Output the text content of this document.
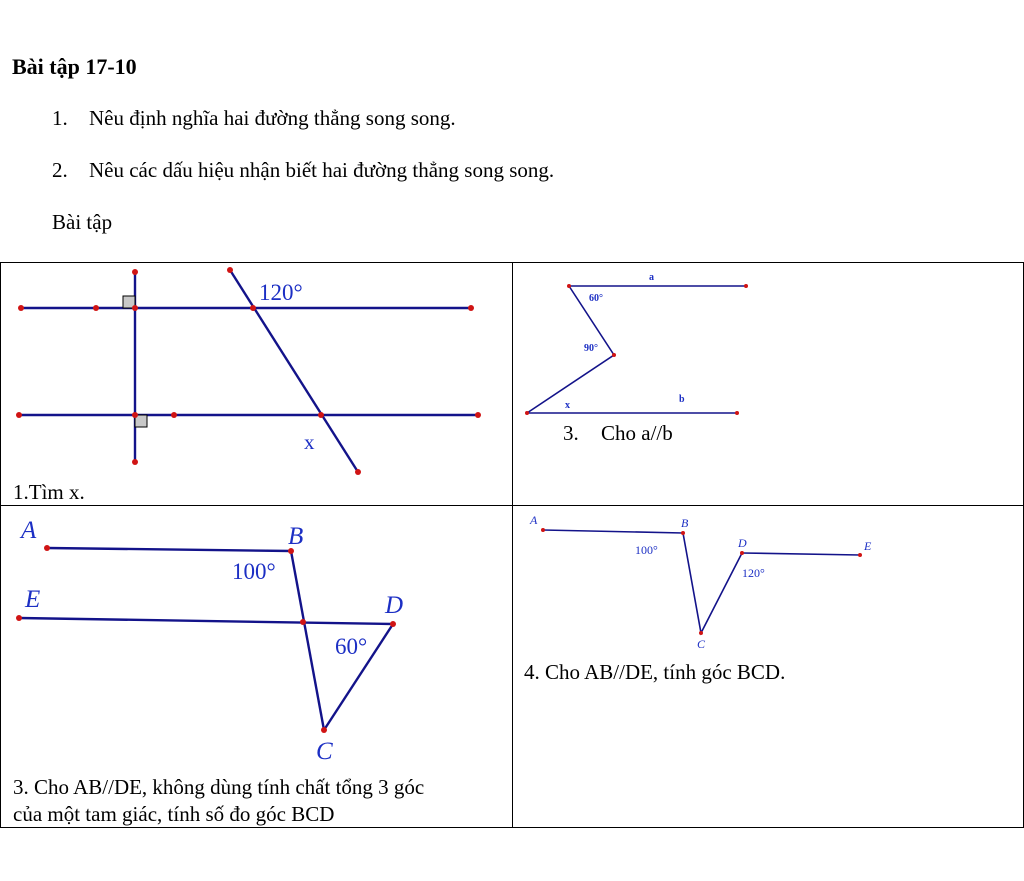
Bài tập 17-10
1. Nêu định nghĩa hai đường thẳng song song.
2. Nêu các dấu hiệu nhận biết hai đường thẳng song song.
Bài tập
120°
x
1.Tìm x.
a
60°
90°
x
b
3. Cho a//b
A	B
E	D
C
100°
60°
3. Cho AB//DE, không dùng tính chất tổng 3 góc
của một tam giác, tính số đo góc BCD
A	B
D	E
C
100°
120°
4. Cho AB//DE, tính góc BCD.
